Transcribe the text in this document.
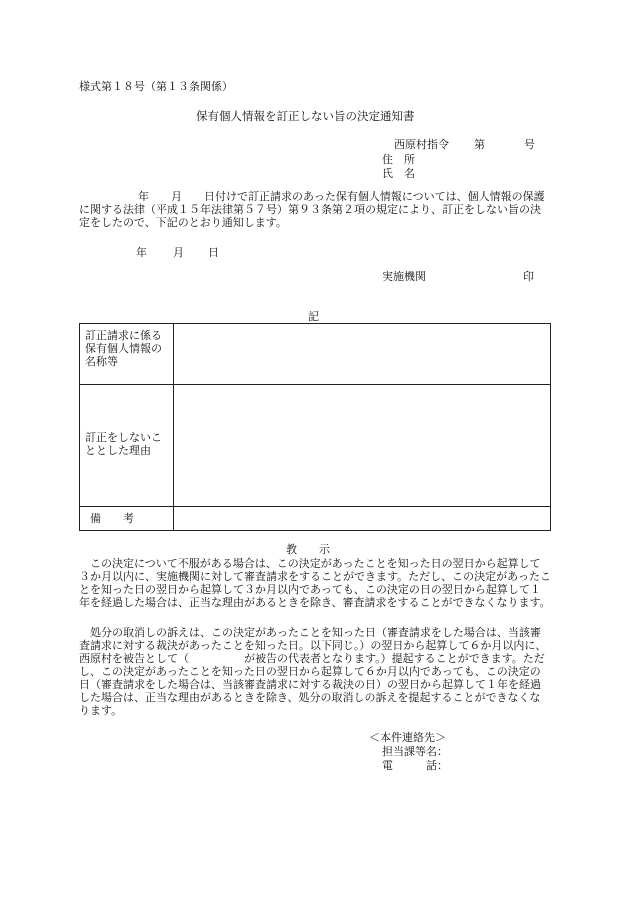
様式第１８号（第１３条関係）
保有個人情報を訂正しない旨の決定通知書
西原村指令 第	号
住　所
氏　名
年　　月　　日付けで訂正請求のあった保有個人情報については、個人情報の保護に関する法律（平成１５年法律第５７号）第９３条第２項の規定により、訂正をしない旨の決定をしたので、下記のとおり通知します。
年 月 日
実施機関	印
記
訂正請求に係る保有個人情報の名称等
訂正をしないこととした理由
備　　考
教　　示
この決定について不服がある場合は、この決定があったことを知った日の翌日から起算して３か月以内に、実施機関に対して審査請求をすることができます。ただし、この決定があったことを知った日の翌日から起算して３か月以内であっても、この決定の日の翌日から起算して１年を経過した場合は、正当な理由があるときを除き、審査請求をすることができなくなります。
処分の取消しの訴えは、この決定があったことを知った日（審査請求をした場合は、当該審査請求に対する裁決があったことを知った日。以下同じ。）の翌日から起算して６か月以内に、西原村を被告として（　　　　　が被告の代表者となります。）提起することができます。ただし、この決定があったことを知った日の翌日から起算して６か月以内であっても、この決定の日（審査請求をした場合は、当該審査請求に対する裁決の日）の翌日から起算して１年を経過した場合は、正当な理由があるときを除き、処分の取消しの訴えを提起することができなくなります。
＜本件連絡先＞
担当課等名：
電　　　話：
